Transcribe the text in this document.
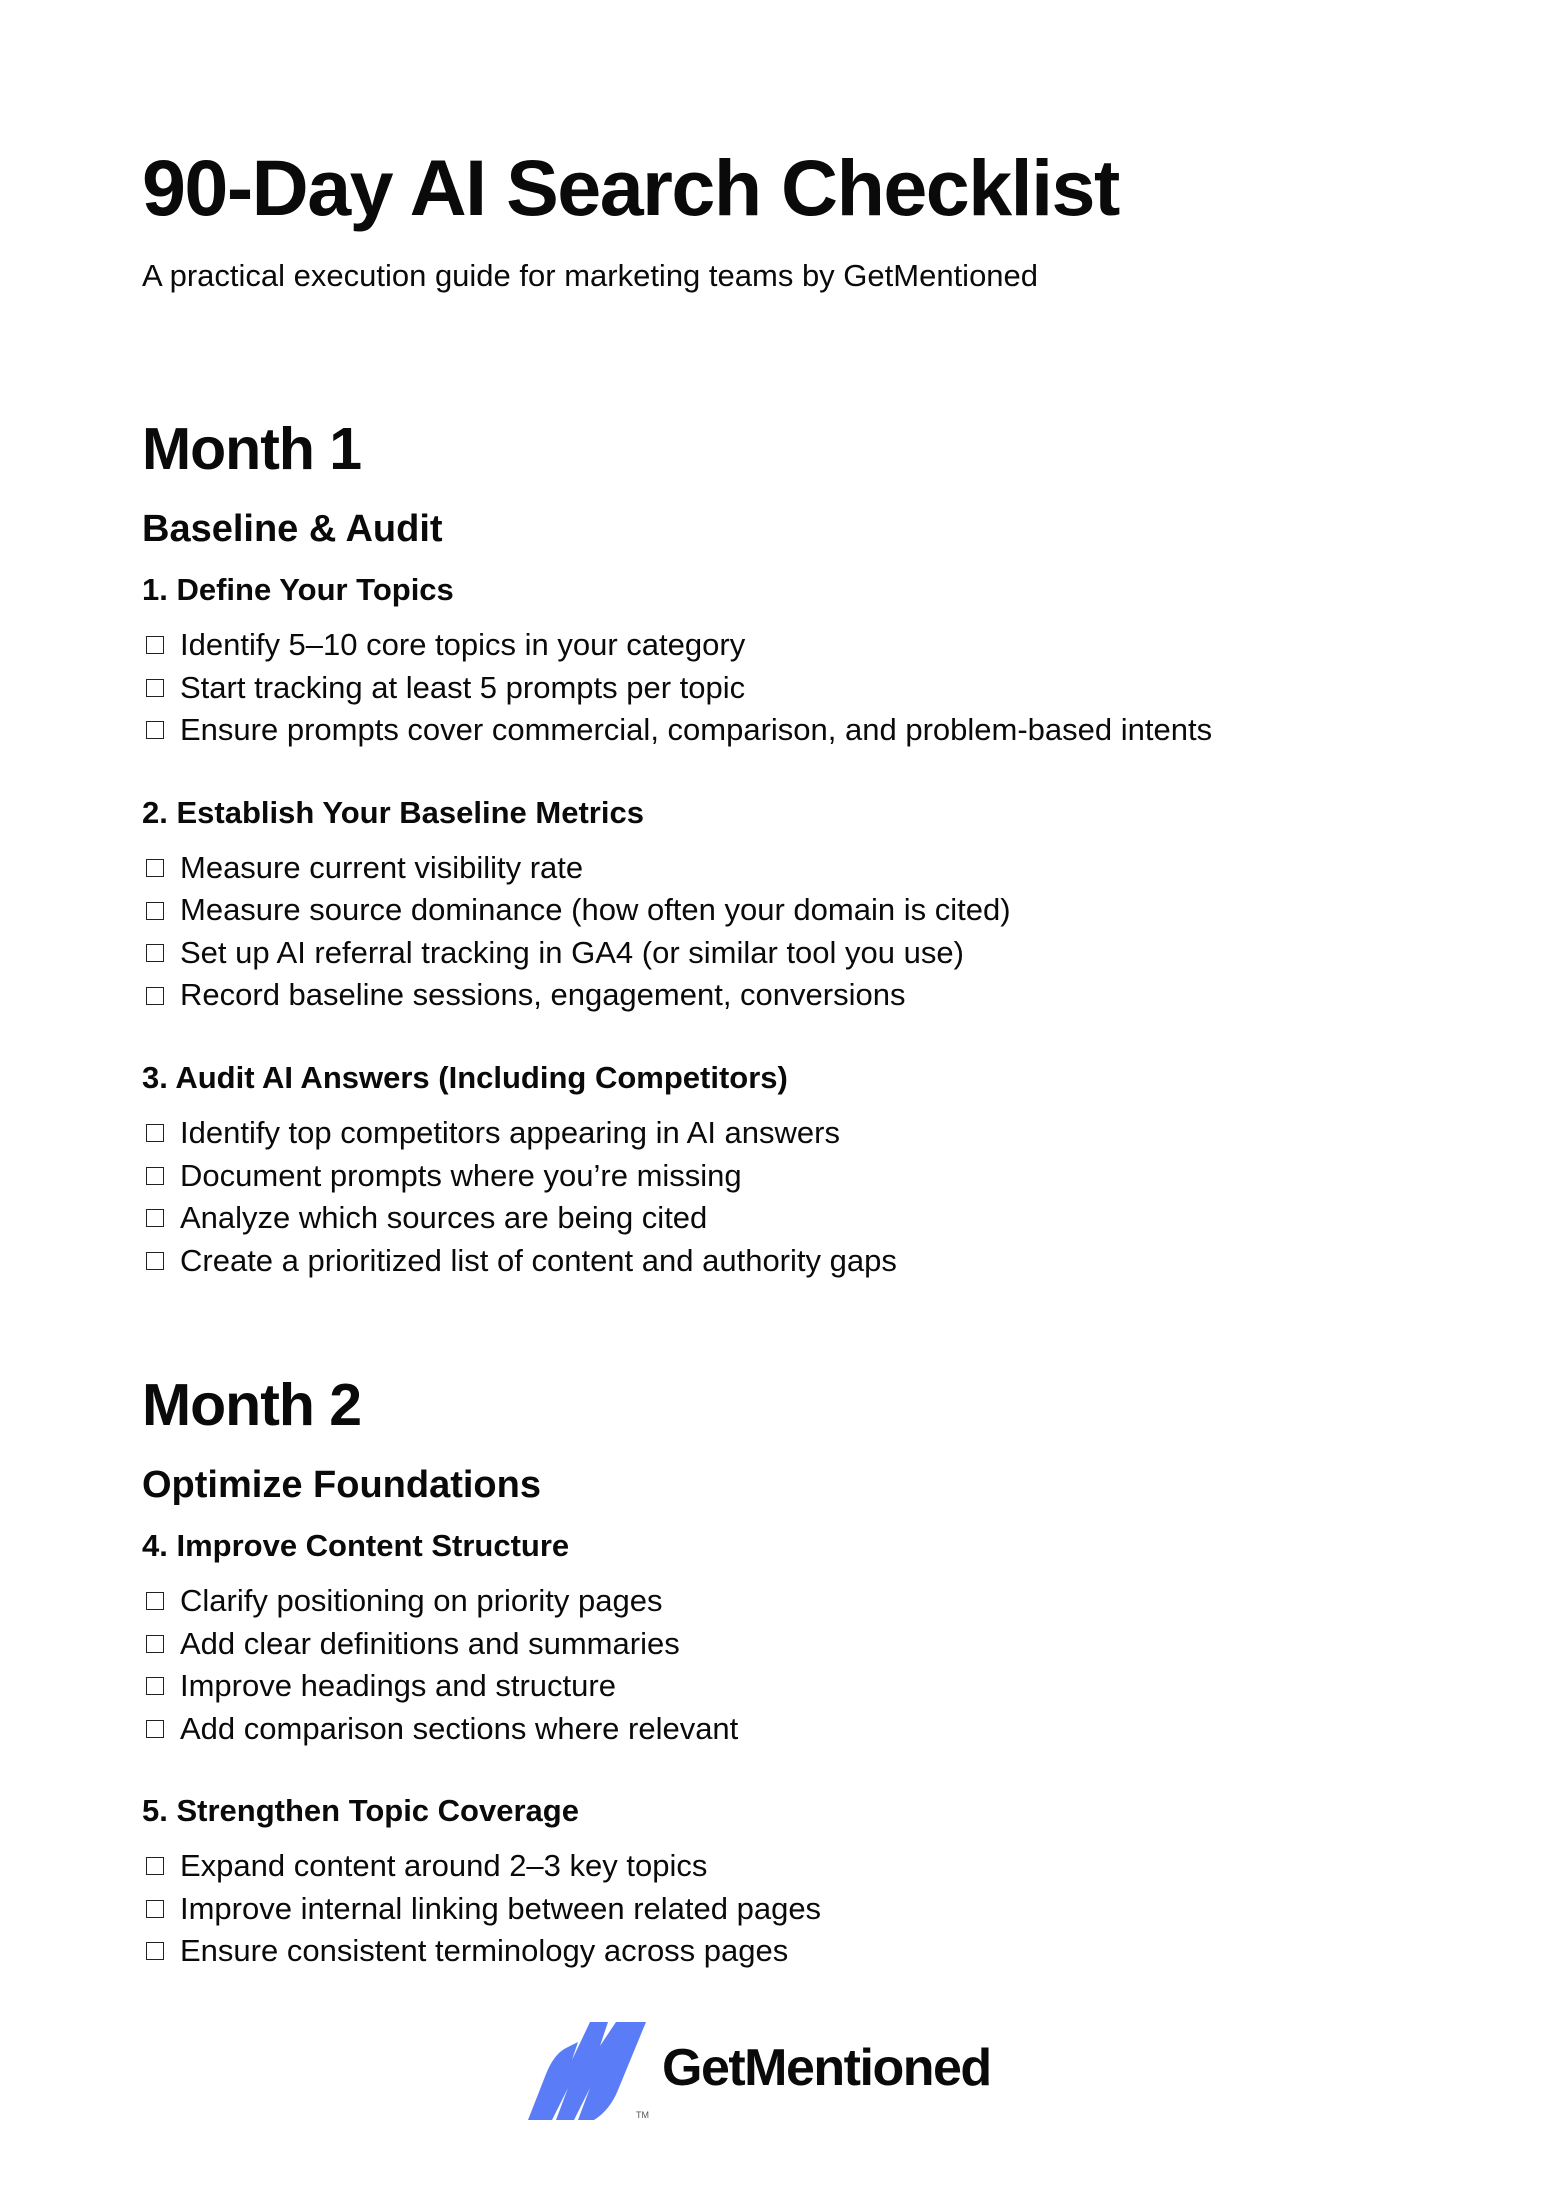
90-Day AI Search Checklist

A practical execution guide for marketing teams by GetMentioned

Month 1
Baseline & Audit
1. Define Your Topics
Identify 5–10 core topics in your category
Start tracking at least 5 prompts per topic
Ensure prompts cover commercial, comparison, and problem-based intents
2. Establish Your Baseline Metrics
Measure current visibility rate
Measure source dominance (how often your domain is cited)
Set up AI referral tracking in GA4 (or similar tool you use)
Record baseline sessions, engagement, conversions
3. Audit AI Answers (Including Competitors)
Identify top competitors appearing in AI answers
Document prompts where you’re missing
Analyze which sources are being cited
Create a prioritized list of content and authority gaps
Month 2
Optimize Foundations
4. Improve Content Structure
Clarify positioning on priority pages
Add clear definitions and summaries
Improve headings and structure
Add comparison sections where relevant
5. Strengthen Topic Coverage
Expand content around 2–3 key topics
Improve internal linking between related pages
Ensure consistent terminology across pages
TM
GetMentioned
